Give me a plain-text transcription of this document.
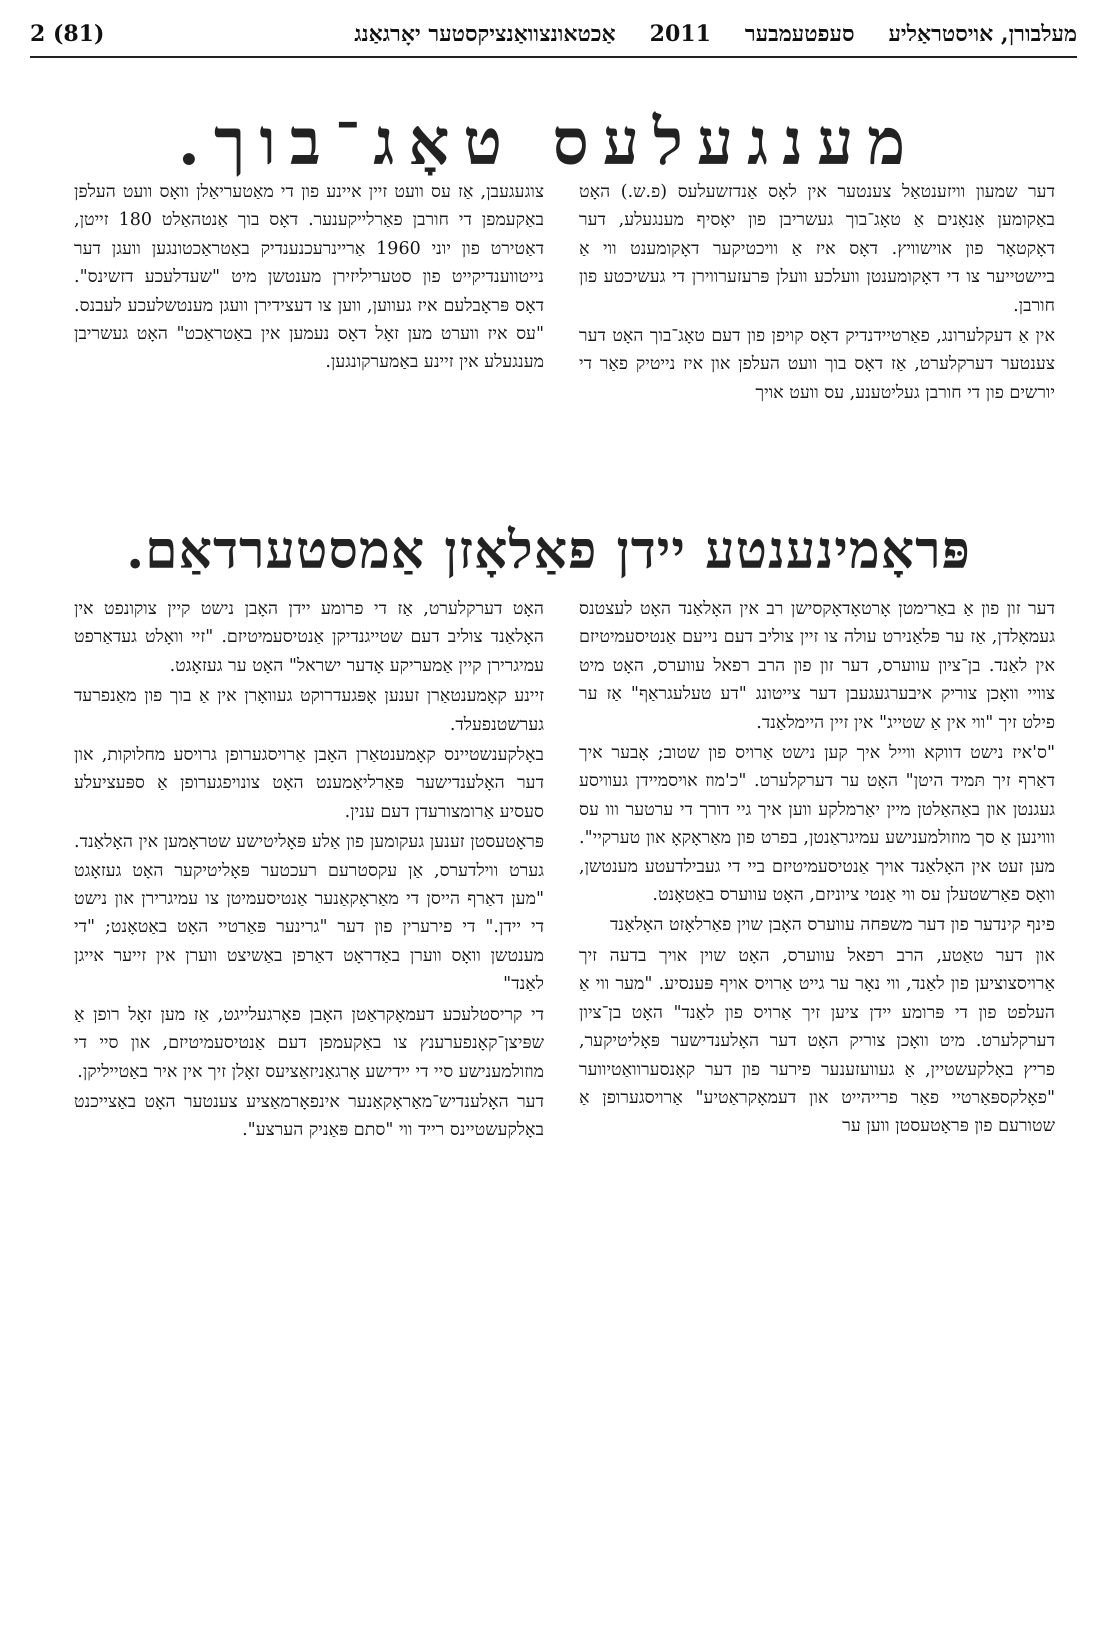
מעלבורן, אויסטראַליע
סעפטעמבער
2011
אַכטאונצוואַנציקסטער יאָרגאַנג
2 (81)
מענגעלעס טאָג־בוך.

דער שמעון וויזענטאַל צענטער אין לאָס אַנדזשעלעס (פ.ש.) האָט באַקומען אַנאָנים אַ טאָג־בוך געשריבן פון יאָסיף מענגעלע, דער דאָקטאָר פון אוישוויץ. דאָס איז אַ וויכטיקער דאָקומענט ווי אַ ביישטייער צו די דאָקומענטן וועלכע וועלן פּרעזערווירן די געשיכטע פון חורבן.

אין אַ דעקלערונג, פאַרטיידנדיק דאָס קויפן פון דעם טאָג־בוך האָט דער צענטער דערקלערט, אַז דאָס בוך וועט העלפן און איז נייטיק פאַר די יורשים פון די חורבן געליטענע, עס וועט אויך

צוגעגעבן, אַז עס וועט זיין איינע פון די מאַטעריאַלן וואָס וועט העלפן באַקעמפן די חורבן פאַרלייקענער. דאָס בוך אַנטהאַלט 180 זייטן, דאַטירט פון יוני 1960 אַריינרעכנענדיק באַטראַכטונגען וועגן דער נייטווענדיקייט פון סטעריליזירן מענטשן מיט "שעדלעכע דזשינס". דאָס פּראָבלעם איז געווען, ווען צו דעצידירן וועגן מענטשלעכע לעבנס. "עס איז ווערט מען זאָל דאָס נעמען אין באַטראַכט" האָט געשריבן מענגעלע אין זיינע באַמערקונגען.

פּראָמינענטע יידן פאַלאָזן אַמסטערדאַם.

דער זון פון אַ באַרימטן אָרטאָדאָקסישן רב אין האָלאַנד האָט לעצטנס געמאָלדן, אַז ער פּלאַנירט עולה צו זיין צוליב דעם נייעם אַנטיסעמיטיזם אין לאַנד. בן־ציון עווערס, דער זון פון הרב רפאל עווערס, האָט מיט צוויי וואָכן צוריק איבערגעגעבן דער צייטונג "דע טעלעגראַף" אַז ער פילט זיך "ווי אין אַ שטייג" אין זיין היימלאַנד.

"ס'איז נישט דווקא ווייל איך קען נישט אַרויס פון שטוב; אָבער איך דאַרף זיך תּמיד היטן" האָט ער דערקלערט. "כ'מוז אויסמיידן געוויסע געגנטן און באַהאַלטן מיין יאַרמלקע ווען איך גיי דורך די ערטער ווו עס וווינען אַ סך מוזולמענישע עמיגראַנטן, בפרט פון מאַראָקאָ און טערקיי". מען זעט אין האָלאַנד אויך אַנטיסעמיטיזם ביי די געבילדעטע מענטשן, וואָס פאַרשטעלן עס ווי אַנטי ציוניזם, האָט עווערס באַטאָנט.

פינף קינדער פון דער משפּחה עווערס האָבן שוין פאַרלאָזט האָלאַנד

און דער טאַטע, הרב רפאל עווערס, האָט שוין אויך בדעה זיך אַרויסצוציען פון לאַנד, ווי נאָר ער גייט אַרויס אויף פּענסיע. "מער ווי אַ העלפט פון די פּרומע יידן ציען זיך אַרויס פון לאַנד" האָט בן־ציון דערקלערט. מיט וואָכן צוריק האָט דער האָלענדישער פּאָליטיקער, פריץ באָלקעשטיין, אַ געוועזענער פירער פון דער קאָנסערוואַטיווער "פאָלקספּאַרטיי פאַר פרייהייט און דעמאָקראַטיע" אַרויסגערופן אַ שטורעם פון פּראָטעסטן ווען ער

האָט דערקלערט, אַז די פרומע יידן האָבן נישט קיין צוקונפט אין האָלאַנד צוליב דעם שטייגנדיקן אַנטיסעמיטיזם. "זיי וואָלט געדאַרפט עמיגרירן קיין אַמעריקע אָדער ישראל" האָט ער געזאָגט.

זיינע קאָמענטאַרן זענען אָפּגעדרוקט געוואָרן אין אַ בוך פון מאַנפרעד גערשטנפעלד.

באָלקענשטיינס קאָמענטאַרן האָבן אַרויסגערופן גרויסע מחלוקות, און דער האָלענדישער פּאַרליאַמענט האָט צונויפגערופן אַ ספּעציעלע סעסיע אַרומצורעדן דעם ענין.

פּראָטעסטן זענען געקומען פון אַלע פּאָליטישע שטראָמען אין האָלאַנד. גערט ווילדערס, אַן עקסטרעם רעכטער פּאָליטיקער האָט געזאָגט "מען דאַרף הייסן די מאַראָקאַנער אַנטיסעמיטן צו עמיגרירן און נישט די יידן." די פירערין פון דער "גרינער פּאַרטיי האָט באַטאָנט; "די מענטשן וואָס ווערן באַדראָט דאַרפן באַשיצט ווערן אין זייער אייגן לאַנד"

די קריסטלעכע דעמאָקראַטן האָבן פאָרגעלייגט, אַז מען זאָל רופן אַ שפּיצן־קאָנפערענץ צו באַקעמפן דעם אַנטיסעמיטיזם, און סיי די מוזולמענישע סיי די יידישע אָרגאַניזאַציעס זאָלן זיך אין איר באַטייליקן.

דער האָלענדיש־מאַראָקאַנער אינפאָרמאַציע צענטער האָט באַצייכנט באָלקעשטיינס רייד ווי "סתם פּאַניק הערצע".
